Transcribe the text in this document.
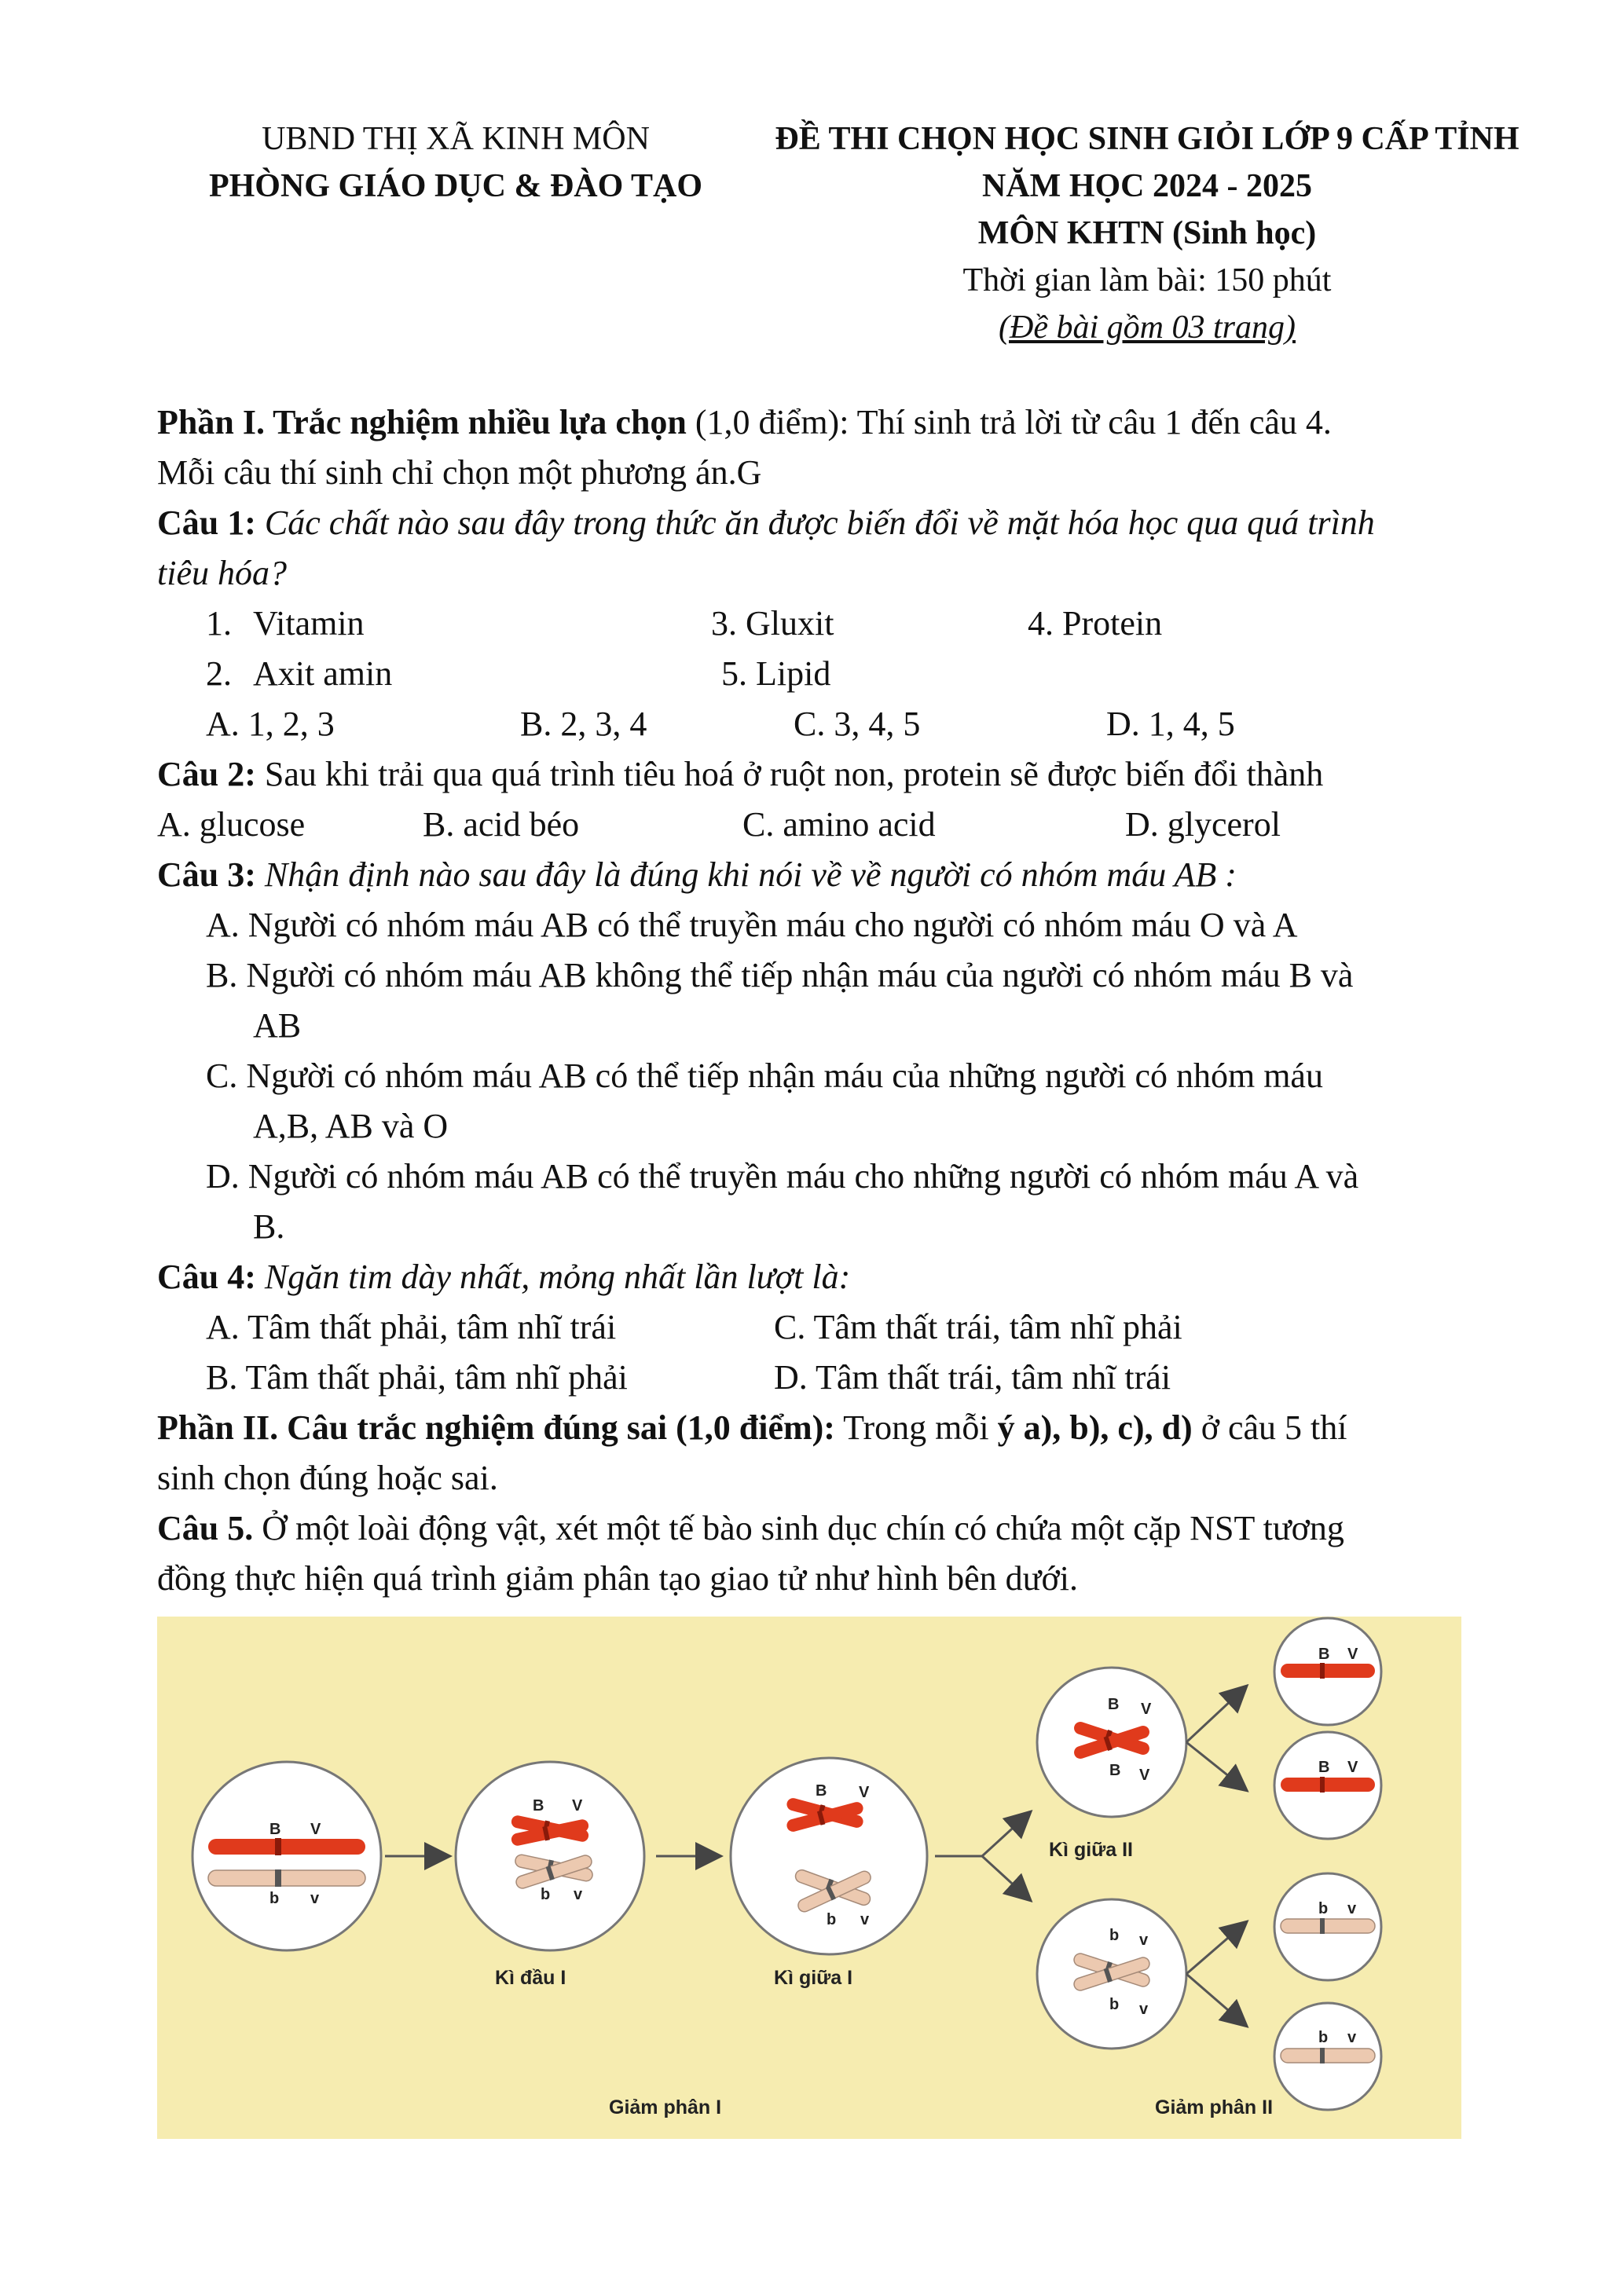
UBND THỊ XÃ KINH MÔN
PHÒNG GIÁO DỤC & ĐÀO TẠO
ĐỀ THI CHỌN HỌC SINH GIỎI LỚP 9 CẤP TỈNH
NĂM HỌC 2024 - 2025
MÔN KHTN (Sinh học)
Thời gian làm bài: 150 phút
(Đề bài gồm 03 trang)
Phần I. Trắc nghiệm nhiều lựa chọn (1,0 điểm): Thí sinh trả lời từ câu 1 đến câu 4.
Mỗi câu thí sinh chỉ chọn một phương án.G
Câu 1: Các chất nào sau đây trong thức ăn được biến đổi về mặt hóa học qua quá trình
tiêu hóa?
1. Vitamin	3. Gluxit	4. Protein
2. Axit amin	5. Lipid
A. 1, 2, 3	B. 2, 3, 4	C. 3, 4, 5	D. 1, 4, 5
Câu 2: Sau khi trải qua quá trình tiêu hoá ở ruột non, protein sẽ được biến đổi thành
A. glucose	B. acid béo	C. amino acid	D. glycerol
Câu 3: Nhận định nào sau đây là đúng khi nói về về người có nhóm máu AB :
A. Người có nhóm máu AB có thể truyền máu cho người có nhóm máu O và A
B. Người có nhóm máu AB không thể tiếp nhận máu của người có nhóm máu B và
AB
C. Người có nhóm máu AB có thể tiếp nhận máu của những người có nhóm máu
A,B, AB và O
D. Người có nhóm máu AB có thể truyền máu cho những người có nhóm máu A và
B.
Câu 4: Ngăn tim dày nhất, mỏng nhất lần lượt là:
A. Tâm thất phải, tâm nhĩ trái	C. Tâm thất trái, tâm nhĩ phải
B. Tâm thất phải, tâm nhĩ phải	D. Tâm thất trái, tâm nhĩ trái
Phần II. Câu trắc nghiệm đúng sai (1,0 điểm): Trong mỗi ý a), b), c), d) ở câu 5 thí
sinh chọn đúng hoặc sai.
Câu 5. Ở một loài động vật, xét một tế bào sinh dục chín có chứa một cặp NST tương
đồng thực hiện quá trình giảm phân tạo giao tử như hình bên dưới.
B V
b v
B V
b v
B V
b v
B V
B V
b v
b v
B V
B V
b v
b v
Kì đầu I	Kì giữa I
Kì giữa II
Giảm phân I	Giảm phân II
